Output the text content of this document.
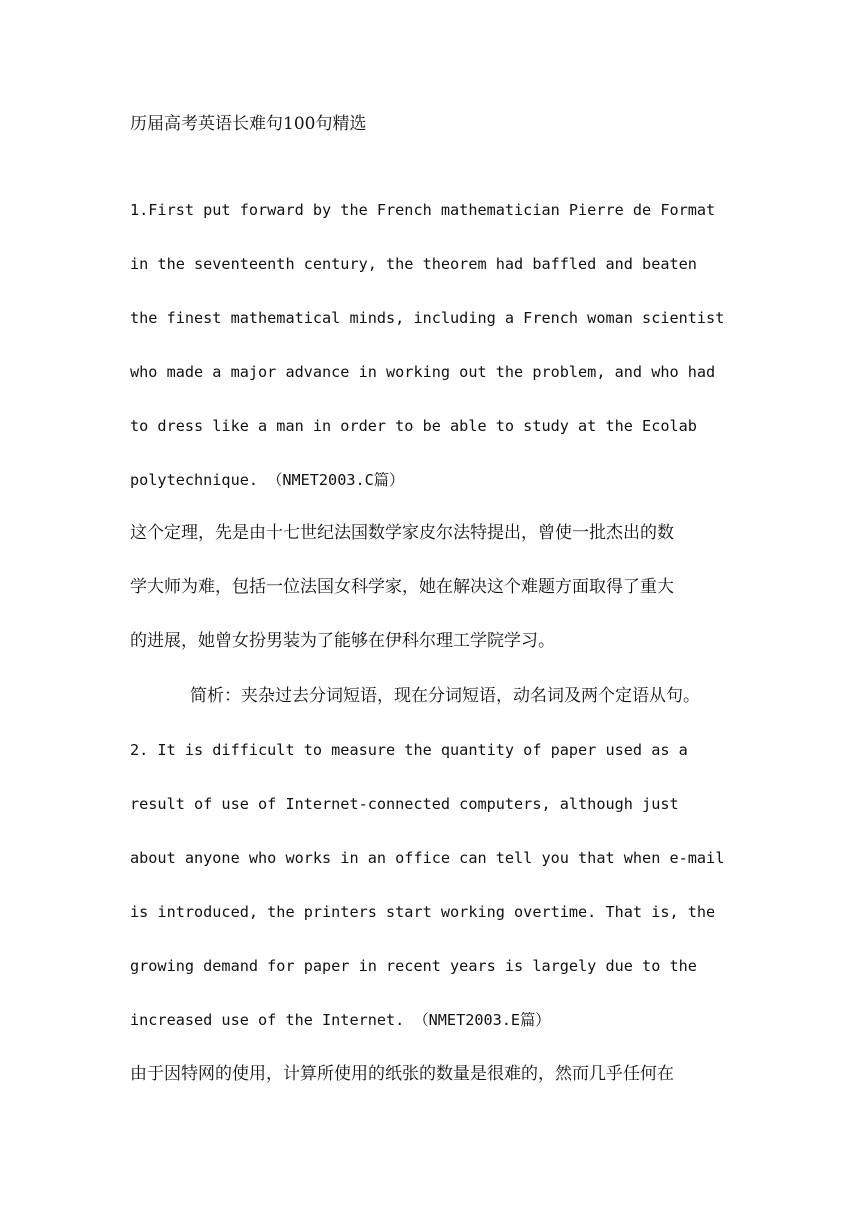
历届高考英语长难句100句精选
1.First put forward by the French mathematician Pierre de Format
in the seventeenth century, the theorem had baffled and beaten
the finest mathematical minds, including a French woman scientist
who made a major advance in working out the problem, and who had
to dress like a man in order to be able to study at the Ecolab
polytechnique. （NMET2003.C篇）
这个定理，先是由十七世纪法国数学家皮尔法特提出，曾使一批杰出的数
学大师为难，包括一位法国女科学家，她在解决这个难题方面取得了重大
的进展，她曾女扮男装为了能够在伊科尔理工学院学习。
简析：夹杂过去分词短语，现在分词短语，动名词及两个定语从句。
2. It is difficult to measure the quantity of paper used as a
result of use of Internet-connected computers, although just
about anyone who works in an office can tell you that when e-mail
is introduced, the printers start working overtime. That is, the
growing demand for paper in recent years is largely due to the
increased use of the Internet. （NMET2003.E篇）
由于因特网的使用，计算所使用的纸张的数量是很难的，然而几乎任何在
